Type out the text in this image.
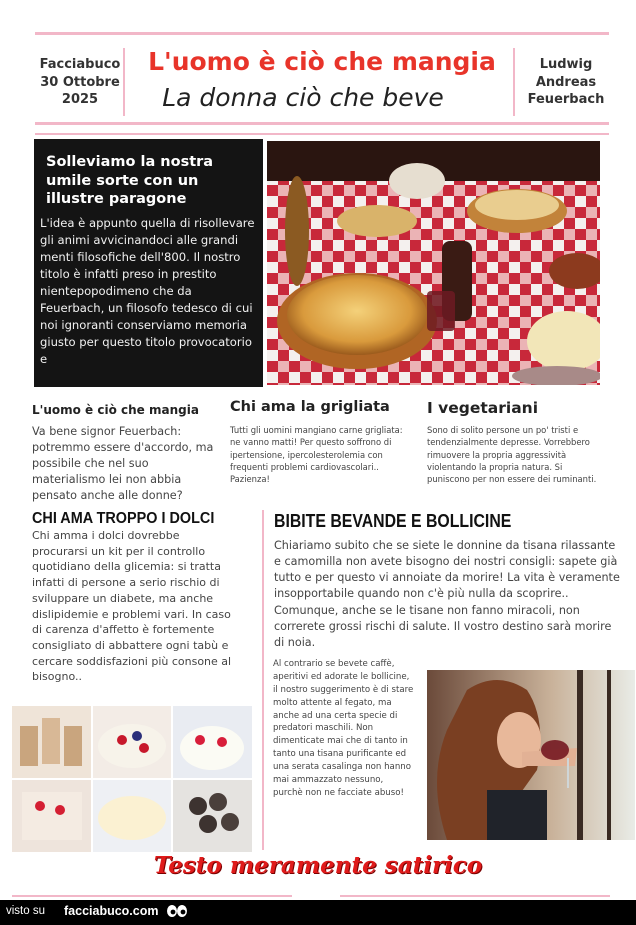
Facciabuco
30 Ottobre
2025
L'uomo è ciò che mangia
La donna ciò che beve
Ludwig
Andreas
Feuerbach
Solleviamo la nostra umile sorte con un illustre paragone

L'idea è appunto quella di risollevare gli animi avvicinandoci alle grandi menti filosofiche dell'800. Il nostro titolo è infatti preso in prestito nientepopodimeno che da Feuerbach, un filosofo tedesco di cui noi ignoranti conserviamo memoria giusto per questo titolo provocatorio e

L'uomo è ciò che mangia

Va bene signor Feuerbach: potremmo essere d'accordo, ma possibile che nel suo materialismo lei non abbia pensato anche alle donne?

Chi ama la grigliata

Tutti gli uomini mangiano carne grigliata: ne vanno matti! Per questo soffrono di ipertensione, ipercolesterolemia con frequenti problemi cardiovascolari.. Pazienza!

I vegetariani

Sono di solito persone un po' tristi e tendenzialmente depresse. Vorrebbero rimuovere la propria aggressività violentando la propria natura. Si puniscono per non essere dei ruminanti.

CHI AMA TROPPO I DOLCI

Chi amma i dolci dovrebbe procurarsi un kit per il controllo quotidiano della glicemia: si tratta infatti di persone a serio rischio di sviluppare un diabete, ma anche dislipidemie e problemi vari. In caso di carenza d'affetto è fortemente consigliato di abbattere ogni tabù e cercare soddisfazioni più consone al bisogno..

BIBITE BEVANDE E BOLLICINE

Chiariamo subito che se siete le donnine da tisana rilassante e camomilla non avete bisogno dei nostri consigli: sapete già tutto e per questo vi annoiate da morire! La vita è veramente insopportabile quando non c'è più nulla da scoprire.. Comunque, anche se le tisane non fanno miracoli, non correrete grossi rischi di salute. Il vostro destino sarà morire di noia.

Al contrario se bevete caffè, aperitivi ed adorate le bollicine, il nostro suggerimento è di stare molto attente al fegato, ma anche ad una certa specie di predatori maschili. Non dimenticate mai che di tanto in tanto una tisana purificante ed una serata casalinga non hanno mai ammazzato nessuno, purchè non ne facciate abuso!

Testo meramente satirico
visto su facciabuco.com
